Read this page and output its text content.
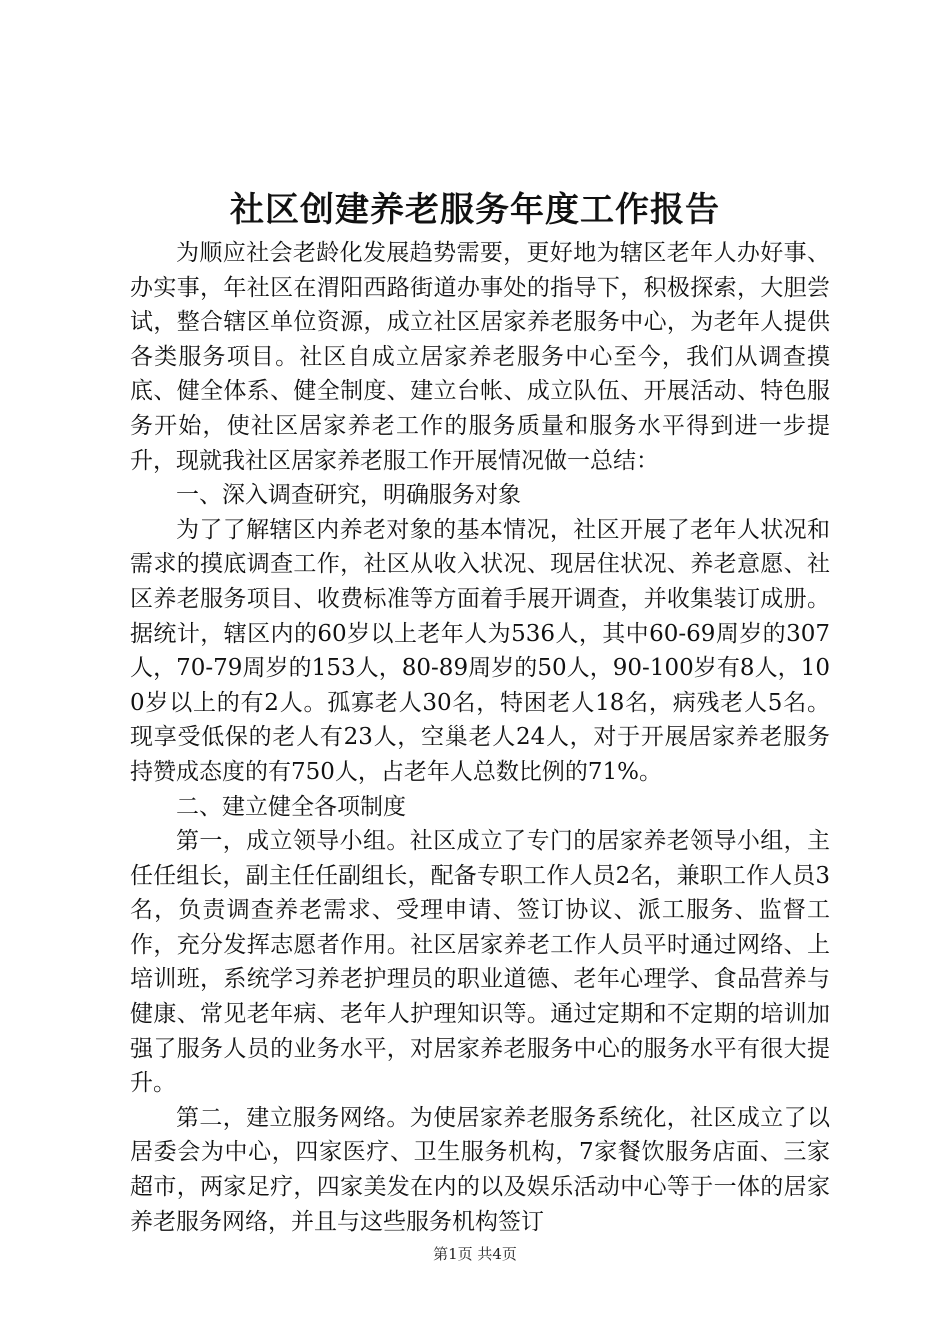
社区创建养老服务年度工作报告

为顺应社会老龄化发展趋势需要，更好地为辖区老年人办好事、办实事，年社区在渭阳西路街道办事处的指导下，积极探索，大胆尝试，整合辖区单位资源，成立社区居家养老服务中心，为老年人提供各类服务项目。社区自成立居家养老服务中心至今，我们从调查摸底、健全体系、健全制度、建立台帐、成立队伍、开展活动、特色服务开始，使社区居家养老工作的服务质量和服务水平得到进一步提升，现就我社区居家养老服工作开展情况做一总结：

一、深入调查研究，明确服务对象

为了了解辖区内养老对象的基本情况，社区开展了老年人状况和需求的摸底调查工作，社区从收入状况、现居住状况、养老意愿、社区养老服务项目、收费标准等方面着手展开调查，并收集装订成册。据统计，辖区内的60岁以上老年人为536人，其中60-69周岁的307人，70-79周岁的153人，80-89周岁的50人，90-100岁有8人，100岁以上的有2人。孤寡老人30名，特困老人18名，病残老人5名。现享受低保的老人有23人，空巢老人24人，对于开展居家养老服务持赞成态度的有750人，占老年人总数比例的71%。

二、建立健全各项制度

第一，成立领导小组。社区成立了专门的居家养老领导小组，主任任组长，副主任任副组长，配备专职工作人员2名，兼职工作人员3名，负责调查养老需求、受理申请、签订协议、派工服务、监督工作，充分发挥志愿者作用。社区居家养老工作人员平时通过网络、上培训班，系统学习养老护理员的职业道德、老年心理学、食品营养与健康、常见老年病、老年人护理知识等。通过定期和不定期的培训加强了服务人员的业务水平，对居家养老服务中心的服务水平有很大提升。

第二，建立服务网络。为使居家养老服务系统化，社区成立了以居委会为中心，四家医疗、卫生服务机构，7家餐饮服务店面、三家超市，两家足疗，四家美发在内的以及娱乐活动中心等于一体的居家养老服务网络，并且与这些服务机构签订

第1页 共4页
